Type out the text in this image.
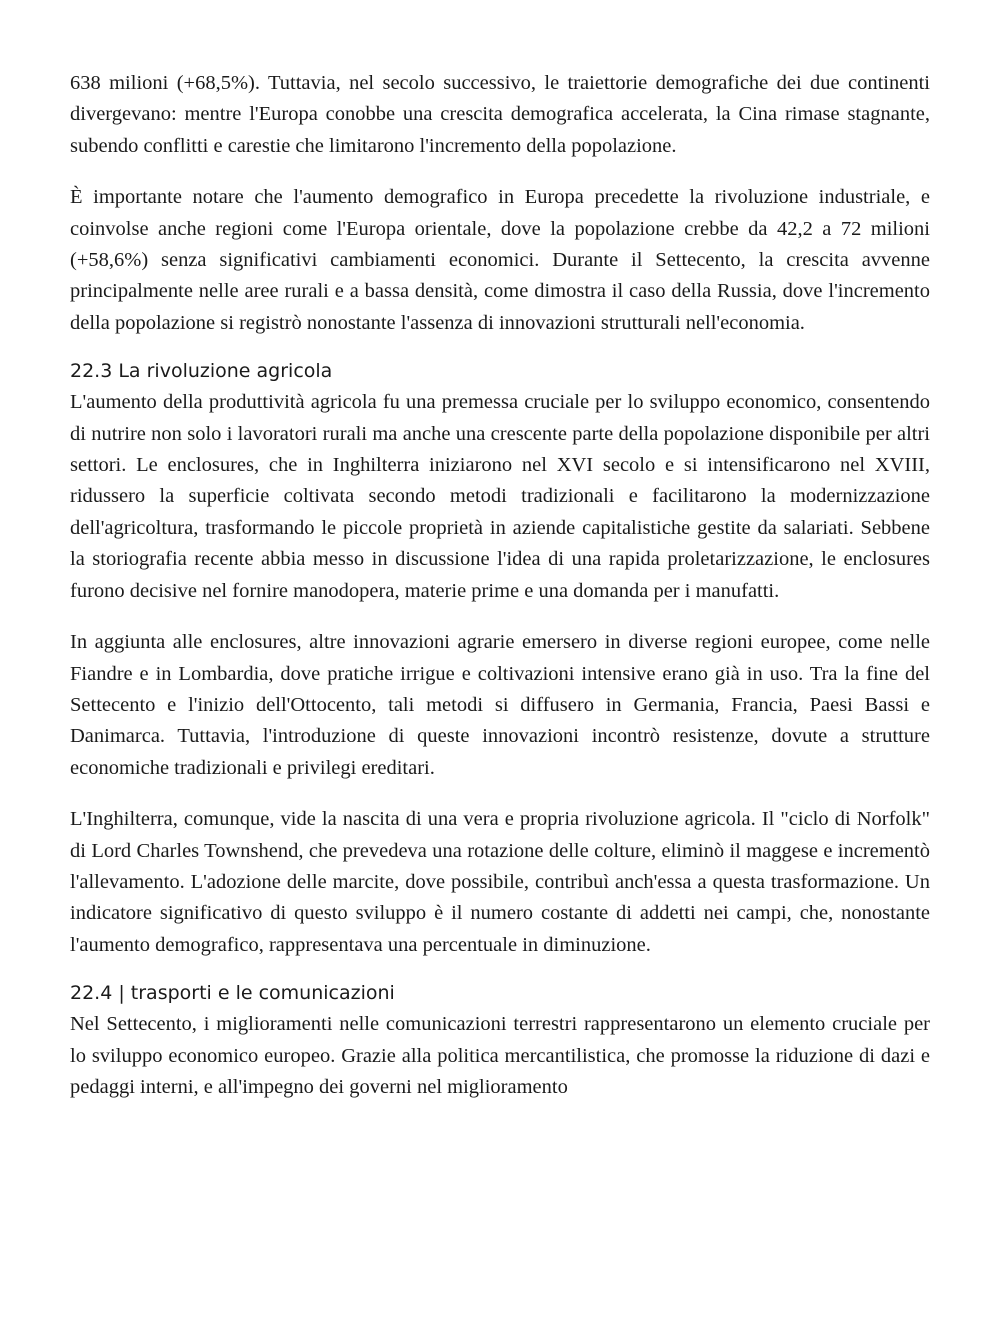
638 milioni (+68,5%). Tuttavia, nel secolo successivo, le traiettorie demografiche dei due continenti divergevano: mentre l'Europa conobbe una crescita demografica accelerata, la Cina rimase stagnante, subendo conflitti e carestie che limitarono l'incremento della popolazione.

È importante notare che l'aumento demografico in Europa precedette la rivoluzione industriale, e coinvolse anche regioni come l'Europa orientale, dove la popolazione crebbe da 42,2 a 72 milioni (+58,6%) senza significativi cambiamenti economici. Durante il Settecento, la crescita avvenne principalmente nelle aree rurali e a bassa densità, come dimostra il caso della Russia, dove l'incremento della popolazione si registrò nonostante l'assenza di innovazioni strutturali nell'economia.

22.3 La rivoluzione agricola

L'aumento della produttività agricola fu una premessa cruciale per lo sviluppo economico, consentendo di nutrire non solo i lavoratori rurali ma anche una crescente parte della popolazione disponibile per altri settori. Le enclosures, che in Inghilterra iniziarono nel XVI secolo e si intensificarono nel XVIII, ridussero la superficie coltivata secondo metodi tradizionali e facilitarono la modernizzazione dell'agricoltura, trasformando le piccole proprietà in aziende capitalistiche gestite da salariati. Sebbene la storiografia recente abbia messo in discussione l'idea di una rapida proletarizzazione, le enclosures furono decisive nel fornire manodopera, materie prime e una domanda per i manufatti.

In aggiunta alle enclosures, altre innovazioni agrarie emersero in diverse regioni europee, come nelle Fiandre e in Lombardia, dove pratiche irrigue e coltivazioni intensive erano già in uso. Tra la fine del Settecento e l'inizio dell'Ottocento, tali metodi si diffusero in Germania, Francia, Paesi Bassi e Danimarca. Tuttavia, l'introduzione di queste innovazioni incontrò resistenze, dovute a strutture economiche tradizionali e privilegi ereditari.

L'Inghilterra, comunque, vide la nascita di una vera e propria rivoluzione agricola. Il "ciclo di Norfolk" di Lord Charles Townshend, che prevedeva una rotazione delle colture, eliminò il maggese e incrementò l'allevamento. L'adozione delle marcite, dove possibile, contribuì anch'essa a questa trasformazione. Un indicatore significativo di questo sviluppo è il numero costante di addetti nei campi, che, nonostante l'aumento demografico, rappresentava una percentuale in diminuzione.

22.4 | trasporti e le comunicazioni

Nel Settecento, i miglioramenti nelle comunicazioni terrestri rappresentarono un elemento cruciale per lo sviluppo economico europeo. Grazie alla politica mercantilistica, che promosse la riduzione di dazi e pedaggi interni, e all'impegno dei governi nel miglioramento
